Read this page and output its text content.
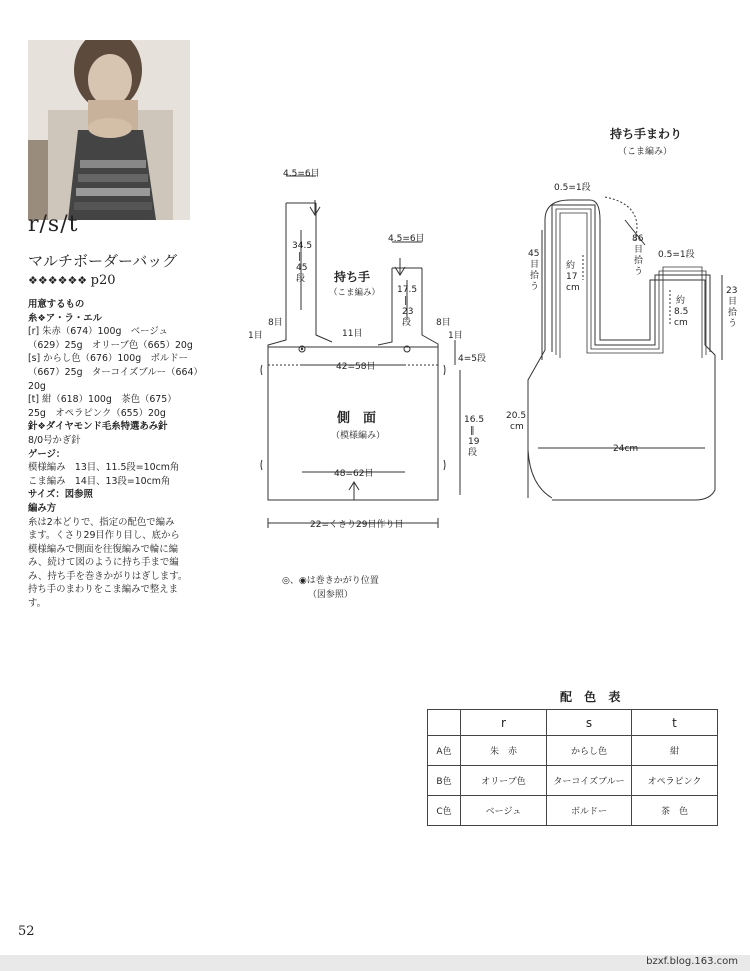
r/s/t
マルチボーダーバッグ
❖❖❖❖❖❖ p20

用意するもの

糸❖ア・ラ・エル

[r] 朱赤（674）100g　ベージュ

（629）25g　オリーブ色（665）20g

[s] からし色（676）100g　ボルドー

（667）25g　ターコイズブルー（664）

20g

[t] 紺（618）100g　茶色（675）

25g　オペラピンク（655）20g

針❖ダイヤモンド毛糸特選あみ針

8/0号かぎ針

ゲージ：

模様編み　13目、11.5段=10cm角

こま編み　14目、13段=10cm角

サイズ：図参照

編み方

糸は2本どりで、指定の配色で編み

ます。くさり29目作り目し、底から

模様編みで側面を往復編みで輪に編

み、続けて図のように持ち手まで編

み、持ち手を巻きかがりはぎします。

持ち手のまわりをこま編みで整えま

す。

4.5=6目
4.5=6目
34.5
‖
45
段
17.5
‖
23
段
持ち手
（こま編み）
8目
1目
8目
1目
11目
42=58目
4=5段
側　面
（模様編み）
16.5
‖
19
段
48=62目
22=くさり29目作り目
◎、◉は巻きかがり位置
（図参照）
持ち手まわり
（こま編み）
0.5=1段
45
目
拾
う
約
17
cm
86
目
拾
う
0.5=1段
約
8.5
cm
23
目
拾
う
20.5
cm
24cm
配 色 表
	r	s	t
A色	朱　赤	からし色	紺
B色	オリーブ色	ターコイズブルー	オペラピンク
C色	ベージュ	ボルドー	茶　色
52
bzxf.blog.163.com
